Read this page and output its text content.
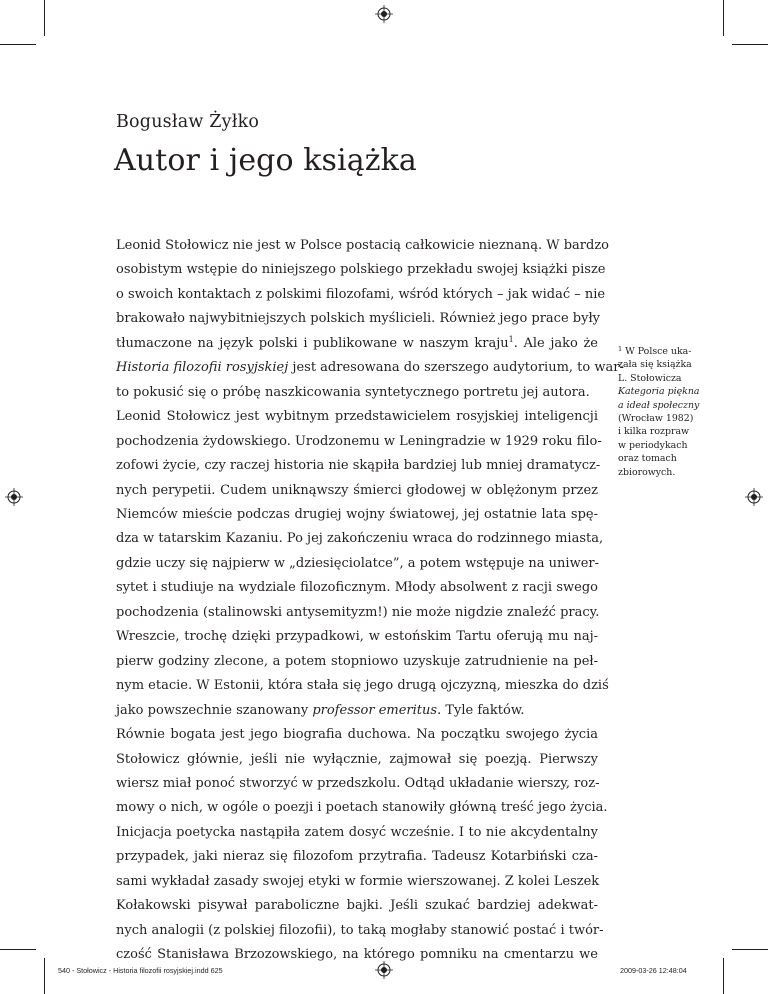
Bogusław Żyłko
Autor i jego książka

Leonid Stołowicz nie jest w Polsce postacią całkowicie nieznaną. W bardzo
osobistym wstępie do niniejszego polskiego przekładu swojej książki pisze
o swoich kontaktach z polskimi filozofami, wśród których – jak widać – nie
brakowało najwybitniejszych polskich myślicieli. Również jego prace były
tłumaczone na język polski i publikowane w naszym kraju$^1$. Ale jako że
Historia filozofii rosyjskiej jest adresowana do szerszego audytorium, to war-
to pokusić się o próbę naszkicowania syntetycznego portretu jej autora.

Leonid Stołowicz jest wybitnym przedstawicielem rosyjskiej inteligencji
pochodzenia żydowskiego. Urodzonemu w Leningradzie w 1929 roku filo-
zofowi życie, czy raczej historia nie skąpiła bardziej lub mniej dramatycz-
nych perypetii. Cudem uniknąwszy śmierci głodowej w oblężonym przez
Niemców mieście podczas drugiej wojny światowej, jej ostatnie lata spę-
dza w tatarskim Kazaniu. Po jej zakończeniu wraca do rodzinnego miasta,
gdzie uczy się najpierw w „dziesięciolatce”, a potem wstępuje na uniwer-
sytet i studiuje na wydziale filozoficznym. Młody absolwent z racji swego
pochodzenia (stalinowski antysemityzm!) nie może nigdzie znaleźć pracy.
Wreszcie, trochę dzięki przypadkowi, w estońskim Tartu oferują mu naj-
pierw godziny zlecone, a potem stopniowo uzyskuje zatrudnienie na peł-
nym etacie. W Estonii, która stała się jego drugą ojczyzną, mieszka do dziś
jako powszechnie szanowany professor emeritus. Tyle faktów.

Równie bogata jest jego biografia duchowa. Na początku swojego życia
Stołowicz głównie, jeśli nie wyłącznie, zajmował się poezją. Pierwszy
wiersz miał ponoć stworzyć w przedszkolu. Odtąd układanie wierszy, roz-
mowy o nich, w ogóle o poezji i poetach stanowiły główną treść jego życia.
Inicjacja poetycka nastąpiła zatem dosyć wcześnie. I to nie akcydentalny
przypadek, jaki nieraz się filozofom przytrafia. Tadeusz Kotarbiński cza-
sami wykładał zasady swojej etyki w formie wierszowanej. Z kolei Leszek
Kołakowski pisywał paraboliczne bajki. Jeśli szukać bardziej adekwat-
nych analogii (z polskiej filozofii), to taką mogłaby stanowić postać i twór-
czość Stanisława Brzozowskiego, na którego pomniku na cmentarzu we

$^1$ W Polsce uka-
zała się książka
L. Stołowicza
Kategoria piękna
a ideał społeczny
(Wrocław 1982)
i kilka rozpraw
w periodykach
oraz tomach
zbiorowych.
540 - Stołowicz - Historia filozofii rosyjskiej.indd 625	2009-03-26 12:48:04
